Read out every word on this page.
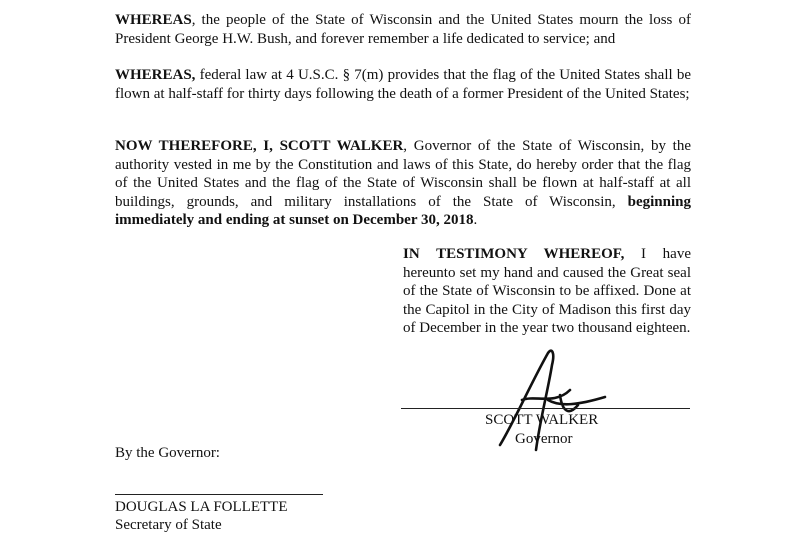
WHEREAS, the people of the State of Wisconsin and the United States mourn the loss of President George H.W. Bush, and forever remember a life dedicated to service; and
WHEREAS, federal law at 4 U.S.C. § 7(m) provides that the flag of the United States shall be flown at half-staff for thirty days following the death of a former President of the United States;
NOW THEREFORE, I, SCOTT WALKER, Governor of the State of Wisconsin, by the authority vested in me by the Constitution and laws of this State, do hereby order that the flag of the United States and the flag of the State of Wisconsin shall be flown at half-staff at all buildings, grounds, and military installations of the State of Wisconsin, beginning immediately and ending at sunset on December 30, 2018.
IN TESTIMONY WHEREOF, I have hereunto set my hand and caused the Great seal of the State of Wisconsin to be affixed. Done at the Capitol in the City of Madison this first day of December in the year two thousand eighteen.
SCOTT WALKER
Governor
By the Governor:
DOUGLAS LA FOLLETTE
Secretary of State
